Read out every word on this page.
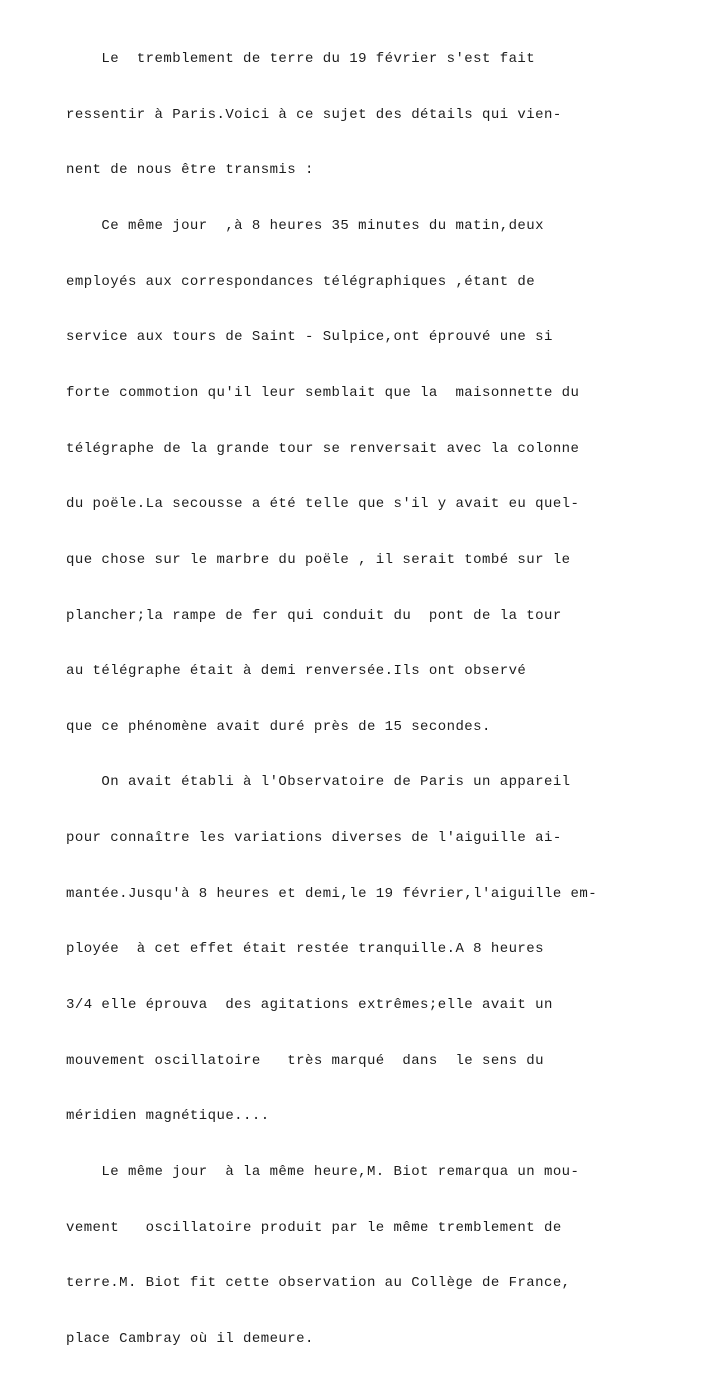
Le  tremblement de terre du 19 février s'est fait

ressentir à Paris.Voici à ce sujet des détails qui vien-

nent de nous être transmis :

Ce même jour  ,à 8 heures 35 minutes du matin,deux

employés aux correspondances télégraphiques ,étant de

service aux tours de Saint - Sulpice,ont éprouvé une si

forte commotion qu'il leur semblait que la  maisonnette du

télégraphe de la grande tour se renversait avec la colonne

du poële.La secousse a été telle que s'il y avait eu quel-

que chose sur le marbre du poële , il serait tombé sur le

plancher;la rampe de fer qui conduit du  pont de la tour

au télégraphe était à demi renversée.Ils ont observé

que ce phénomène avait duré près de 15 secondes.

On avait établi à l'Observatoire de Paris un appareil

pour connaître les variations diverses de l'aiguille ai-

mantée.Jusqu'à 8 heures et demi,le 19 février,l'aiguille em-

ployée  à cet effet était restée tranquille.A 8 heures

3/4 elle éprouva  des agitations extrêmes;elle avait un

mouvement oscillatoire   très marqué  dans  le sens du

méridien magnétique....

Le même jour  à la même heure,M. Biot remarqua un mou-

vement   oscillatoire produit par le même tremblement de

terre.M. Biot fit cette observation au Collège de France,

place Cambray où il demeure.
